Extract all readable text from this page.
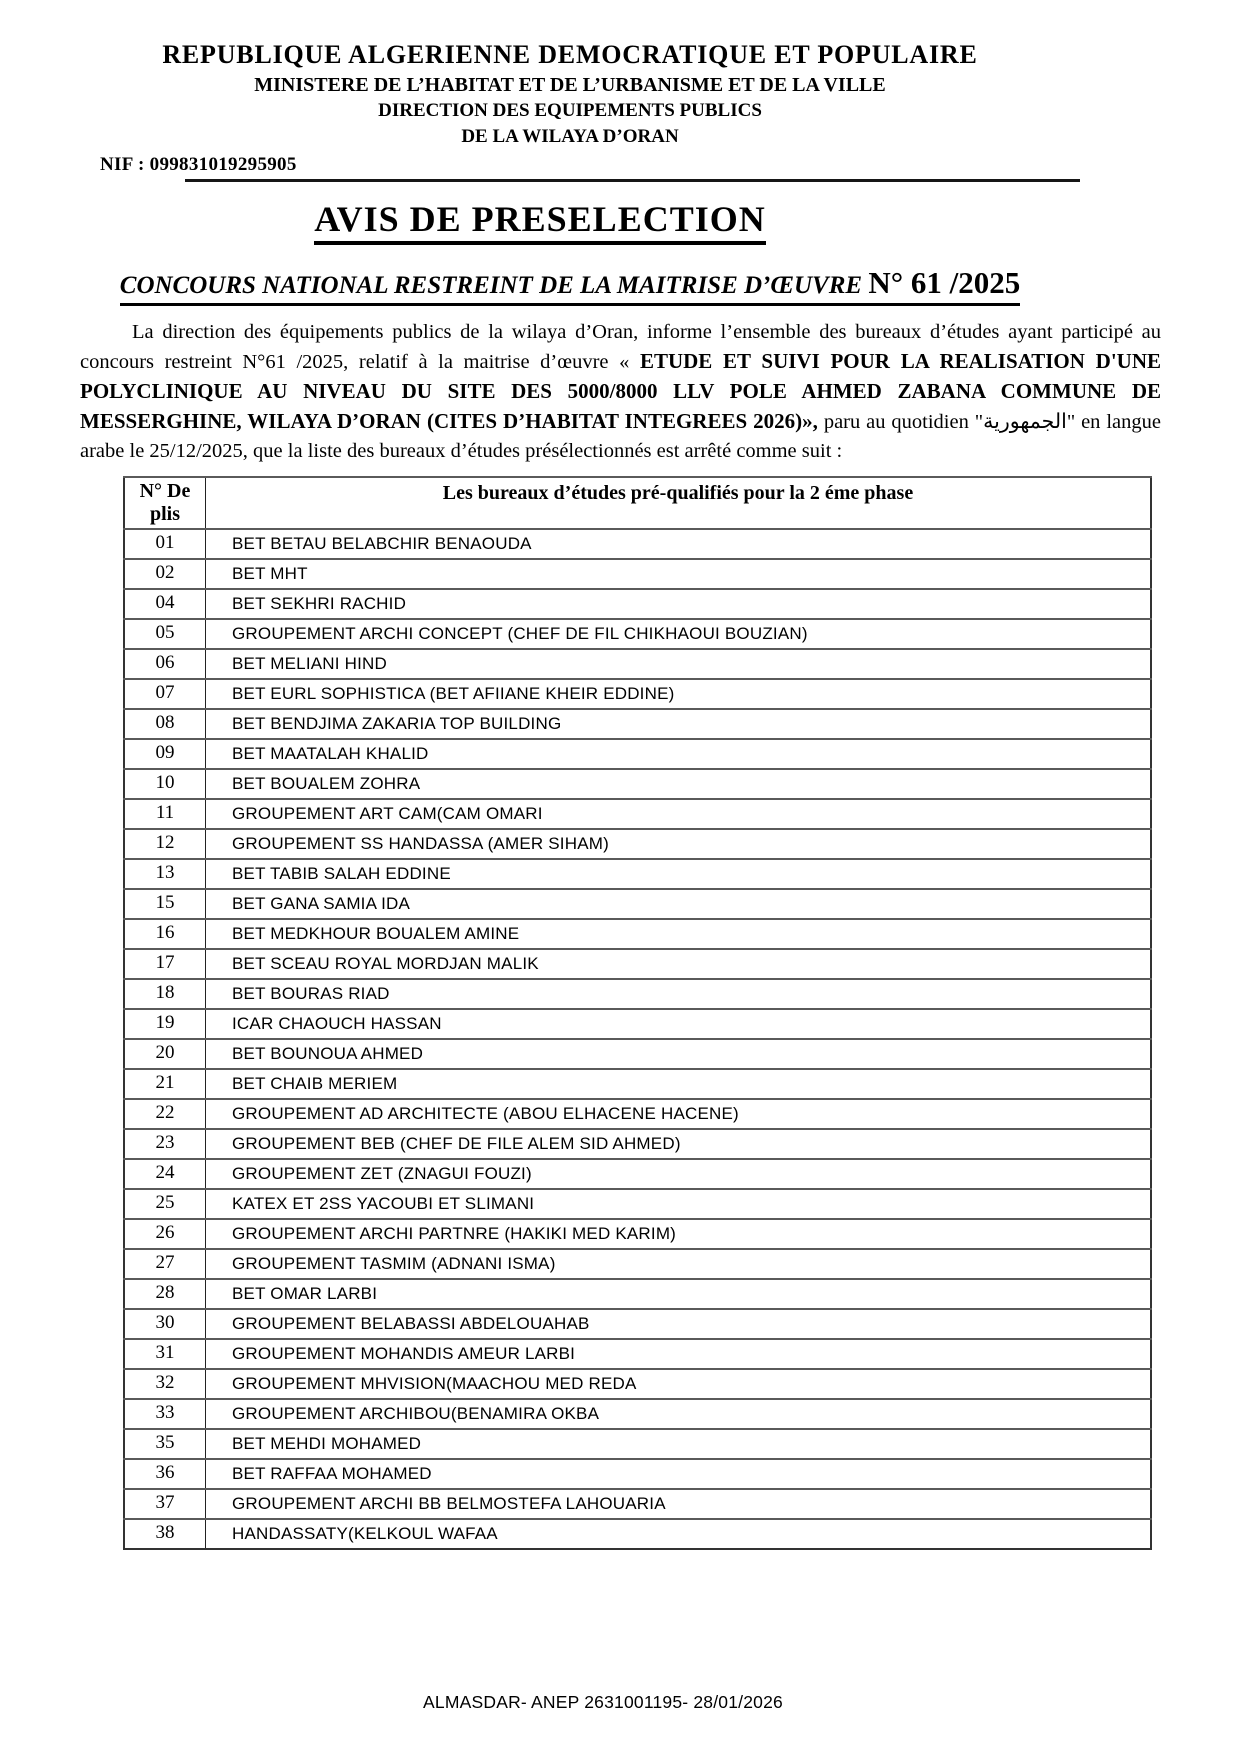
REPUBLIQUE ALGERIENNE DEMOCRATIQUE ET POPULAIRE
MINISTERE DE L’HABITAT ET DE L’URBANISME ET DE LA VILLE
DIRECTION DES EQUIPEMENTS PUBLICS
DE LA WILAYA D’ORAN
NIF : 099831019295905
AVIS DE PRESELECTION
CONCOURS NATIONAL RESTREINT DE LA MAITRISE D’ŒUVRE N° 61 /2025

La direction des équipements publics de la wilaya d’Oran, informe l’ensemble des bureaux d’études ayant participé au concours restreint N°61 /2025, relatif à la maitrise d’œuvre « ETUDE ET SUIVI POUR LA REALISATION D'UNE POLYCLINIQUE AU NIVEAU DU SITE DES 5000/8000 LLV POLE AHMED ZABANA COMMUNE DE MESSERGHINE, WILAYA D’ORAN (CITES D’HABITAT INTEGREES 2026)», paru au quotidien "الجمهورية" en langue arabe le 25/12/2025, que la liste des bureaux d’études présélectionnés est arrêté comme suit :

N° De plis	Les bureaux d’études pré-qualifiés pour la 2 éme phase
01	BET BETAU BELABCHIR BENAOUDA
02	BET MHT
04	BET SEKHRI RACHID
05	GROUPEMENT ARCHI CONCEPT (CHEF DE FIL CHIKHAOUI BOUZIAN)
06	BET MELIANI HIND
07	BET EURL SOPHISTICA (BET AFIIANE KHEIR EDDINE)
08	BET BENDJIMA ZAKARIA TOP BUILDING
09	BET MAATALAH KHALID
10	BET BOUALEM ZOHRA
11	GROUPEMENT ART CAM(CAM OMARI
12	GROUPEMENT SS HANDASSA (AMER SIHAM)
13	BET TABIB SALAH EDDINE
15	BET GANA SAMIA IDA
16	BET MEDKHOUR BOUALEM AMINE
17	BET SCEAU ROYAL MORDJAN MALIK
18	BET BOURAS RIAD
19	ICAR CHAOUCH HASSAN
20	BET BOUNOUA AHMED
21	BET CHAIB MERIEM
22	GROUPEMENT AD ARCHITECTE (ABOU ELHACENE HACENE)
23	GROUPEMENT BEB (CHEF DE FILE ALEM SID AHMED)
24	GROUPEMENT ZET (ZNAGUI FOUZI)
25	KATEX ET 2SS YACOUBI ET SLIMANI
26	GROUPEMENT ARCHI PARTNRE (HAKIKI MED KARIM)
27	GROUPEMENT TASMIM (ADNANI ISMA)
28	BET OMAR LARBI
30	GROUPEMENT BELABASSI ABDELOUAHAB
31	GROUPEMENT MOHANDIS AMEUR LARBI
32	GROUPEMENT MHVISION(MAACHOU MED REDA
33	GROUPEMENT ARCHIBOU(BENAMIRA OKBA
35	BET MEHDI MOHAMED
36	BET RAFFAA MOHAMED
37	GROUPEMENT ARCHI BB BELMOSTEFA LAHOUARIA
38	HANDASSATY(KELKOUL WAFAA
ALMASDAR- ANEP 2631001195- 28/01/2026
